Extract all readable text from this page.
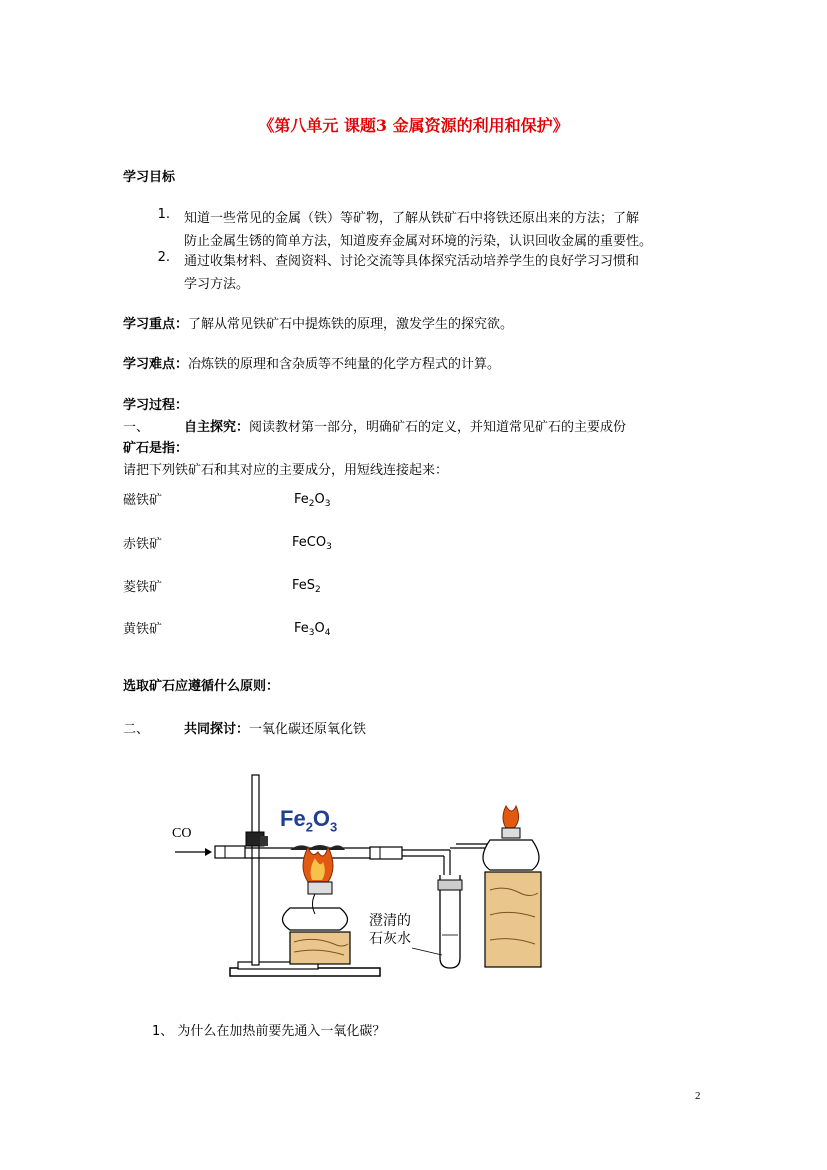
《第八单元 课题3 金属资源的利用和保护》
学习目标
1. 知道一些常见的金属（铁）等矿物，了解从铁矿石中将铁还原出来的方法；了解
防止金属生锈的简单方法，知道废弃金属对环境的污染，认识回收金属的重要性。
2. 通过收集材料、查阅资料、讨论交流等具体探究活动培养学生的良好学习习惯和
学习方法。
学习重点：了解从常见铁矿石中提炼铁的原理，激发学生的探究欲。
学习难点：冶炼铁的原理和含杂质等不纯量的化学方程式的计算。
学习过程：
一、	自主探究：阅读教材第一部分，明确矿石的定义，并知道常见矿石的主要成份
矿石是指：
请把下列铁矿石和其对应的主要成分，用短线连接起来：
磁铁矿	$Fe_2O_3$
赤铁矿	FeCO$_3$
菱铁矿	FeS$_2$
黄铁矿	$Fe_3O_4$
选取矿石应遵循什么原则：
二、	共同探讨：一氧化碳还原氧化铁
CO
$Fe_2O_3$
澄清的
石灰水
1、 为什么在加热前要先通入一氧化碳？
2
